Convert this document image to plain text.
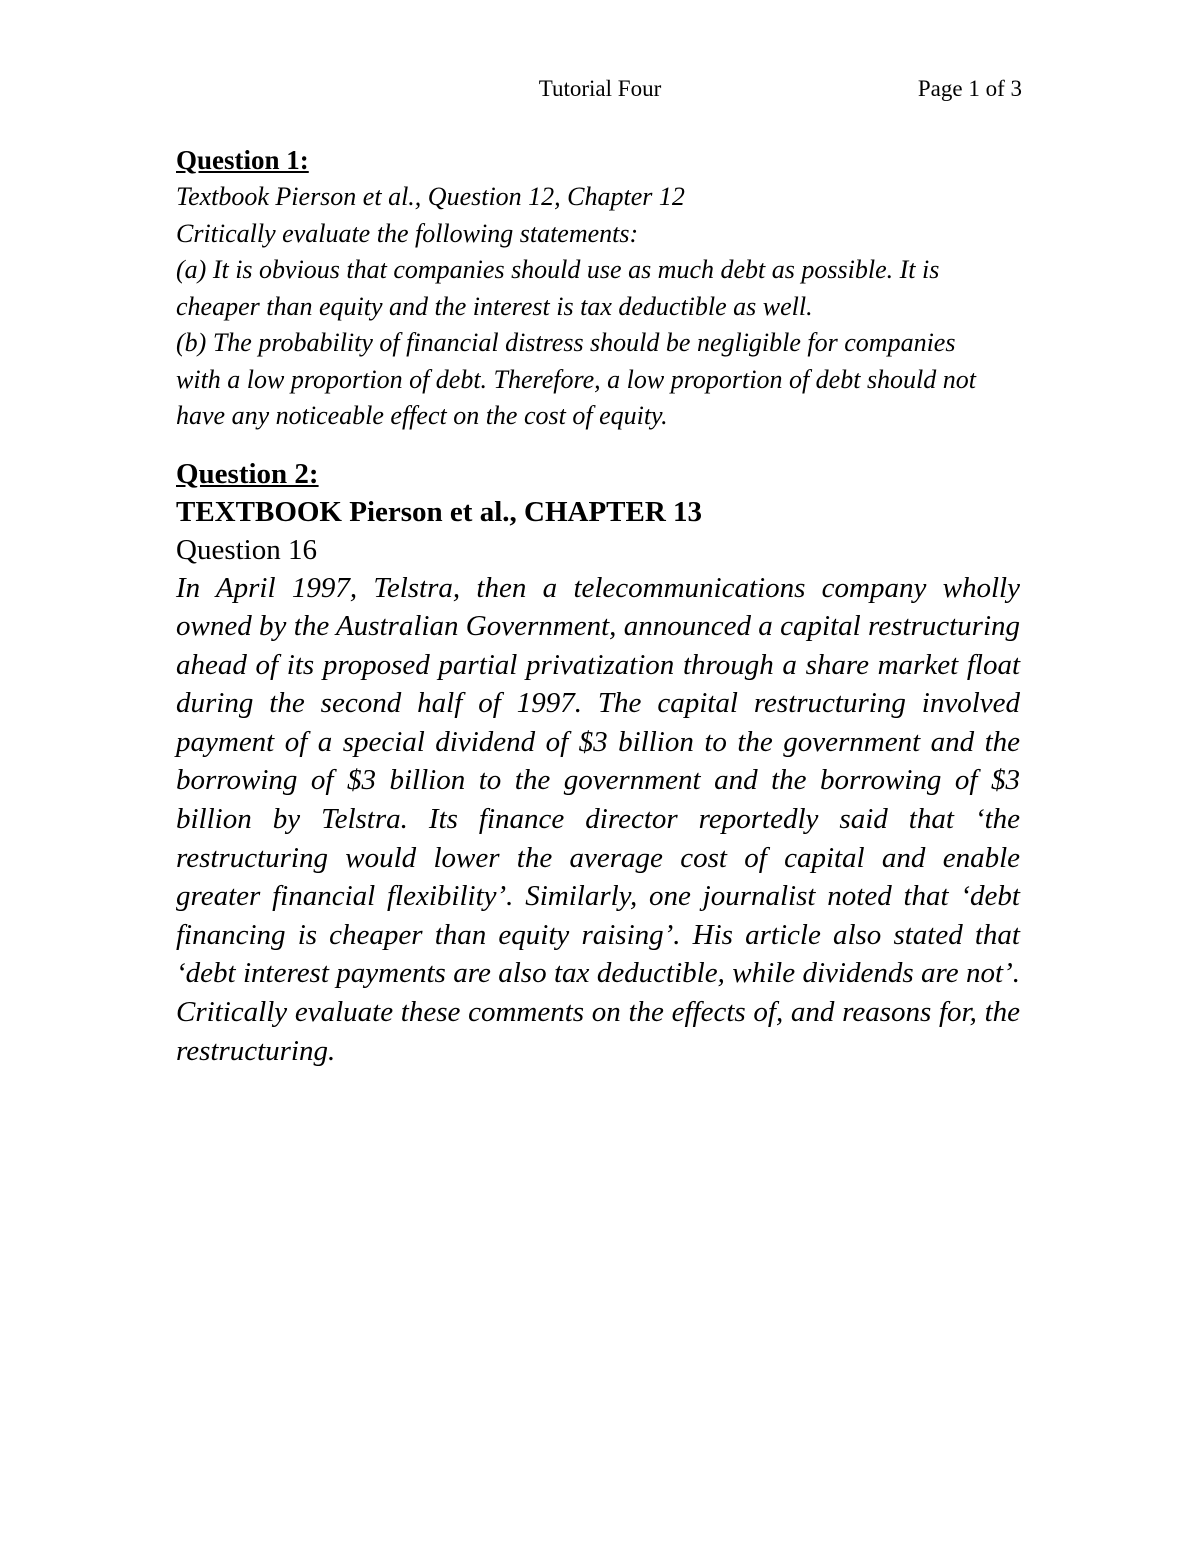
Tutorial Four	Page 1 of 3

Question 1:

Textbook Pierson et al., Question 12, Chapter 12

Critically evaluate the following statements:

(a) It is obvious that companies should use as much debt as possible. It is cheaper than equity and the interest is tax deductible as well.

(b) The probability of financial distress should be negligible for companies with a low proportion of debt. Therefore, a low proportion of debt should not have any noticeable effect on the cost of equity.

Question 2:

TEXTBOOK Pierson et al., CHAPTER 13

Question 16

In April 1997, Telstra, then a telecommunications company wholly owned by the Australian Government, announced a capital restructuring ahead of its proposed partial privatization through a share market float during the second half of 1997. The capital restructuring involved payment of a special dividend of $3 billion to the government and the borrowing of $3 billion to the government and the borrowing of $3 billion by Telstra. Its finance director reportedly said that ‘the restructuring would lower the average cost of capital and enable greater financial flexibility’. Similarly, one journalist noted that ‘debt financing is cheaper than equity raising’. His article also stated that ‘debt interest payments are also tax deductible, while dividends are not’. Critically evaluate these comments on the effects of, and reasons for, the restructuring.
